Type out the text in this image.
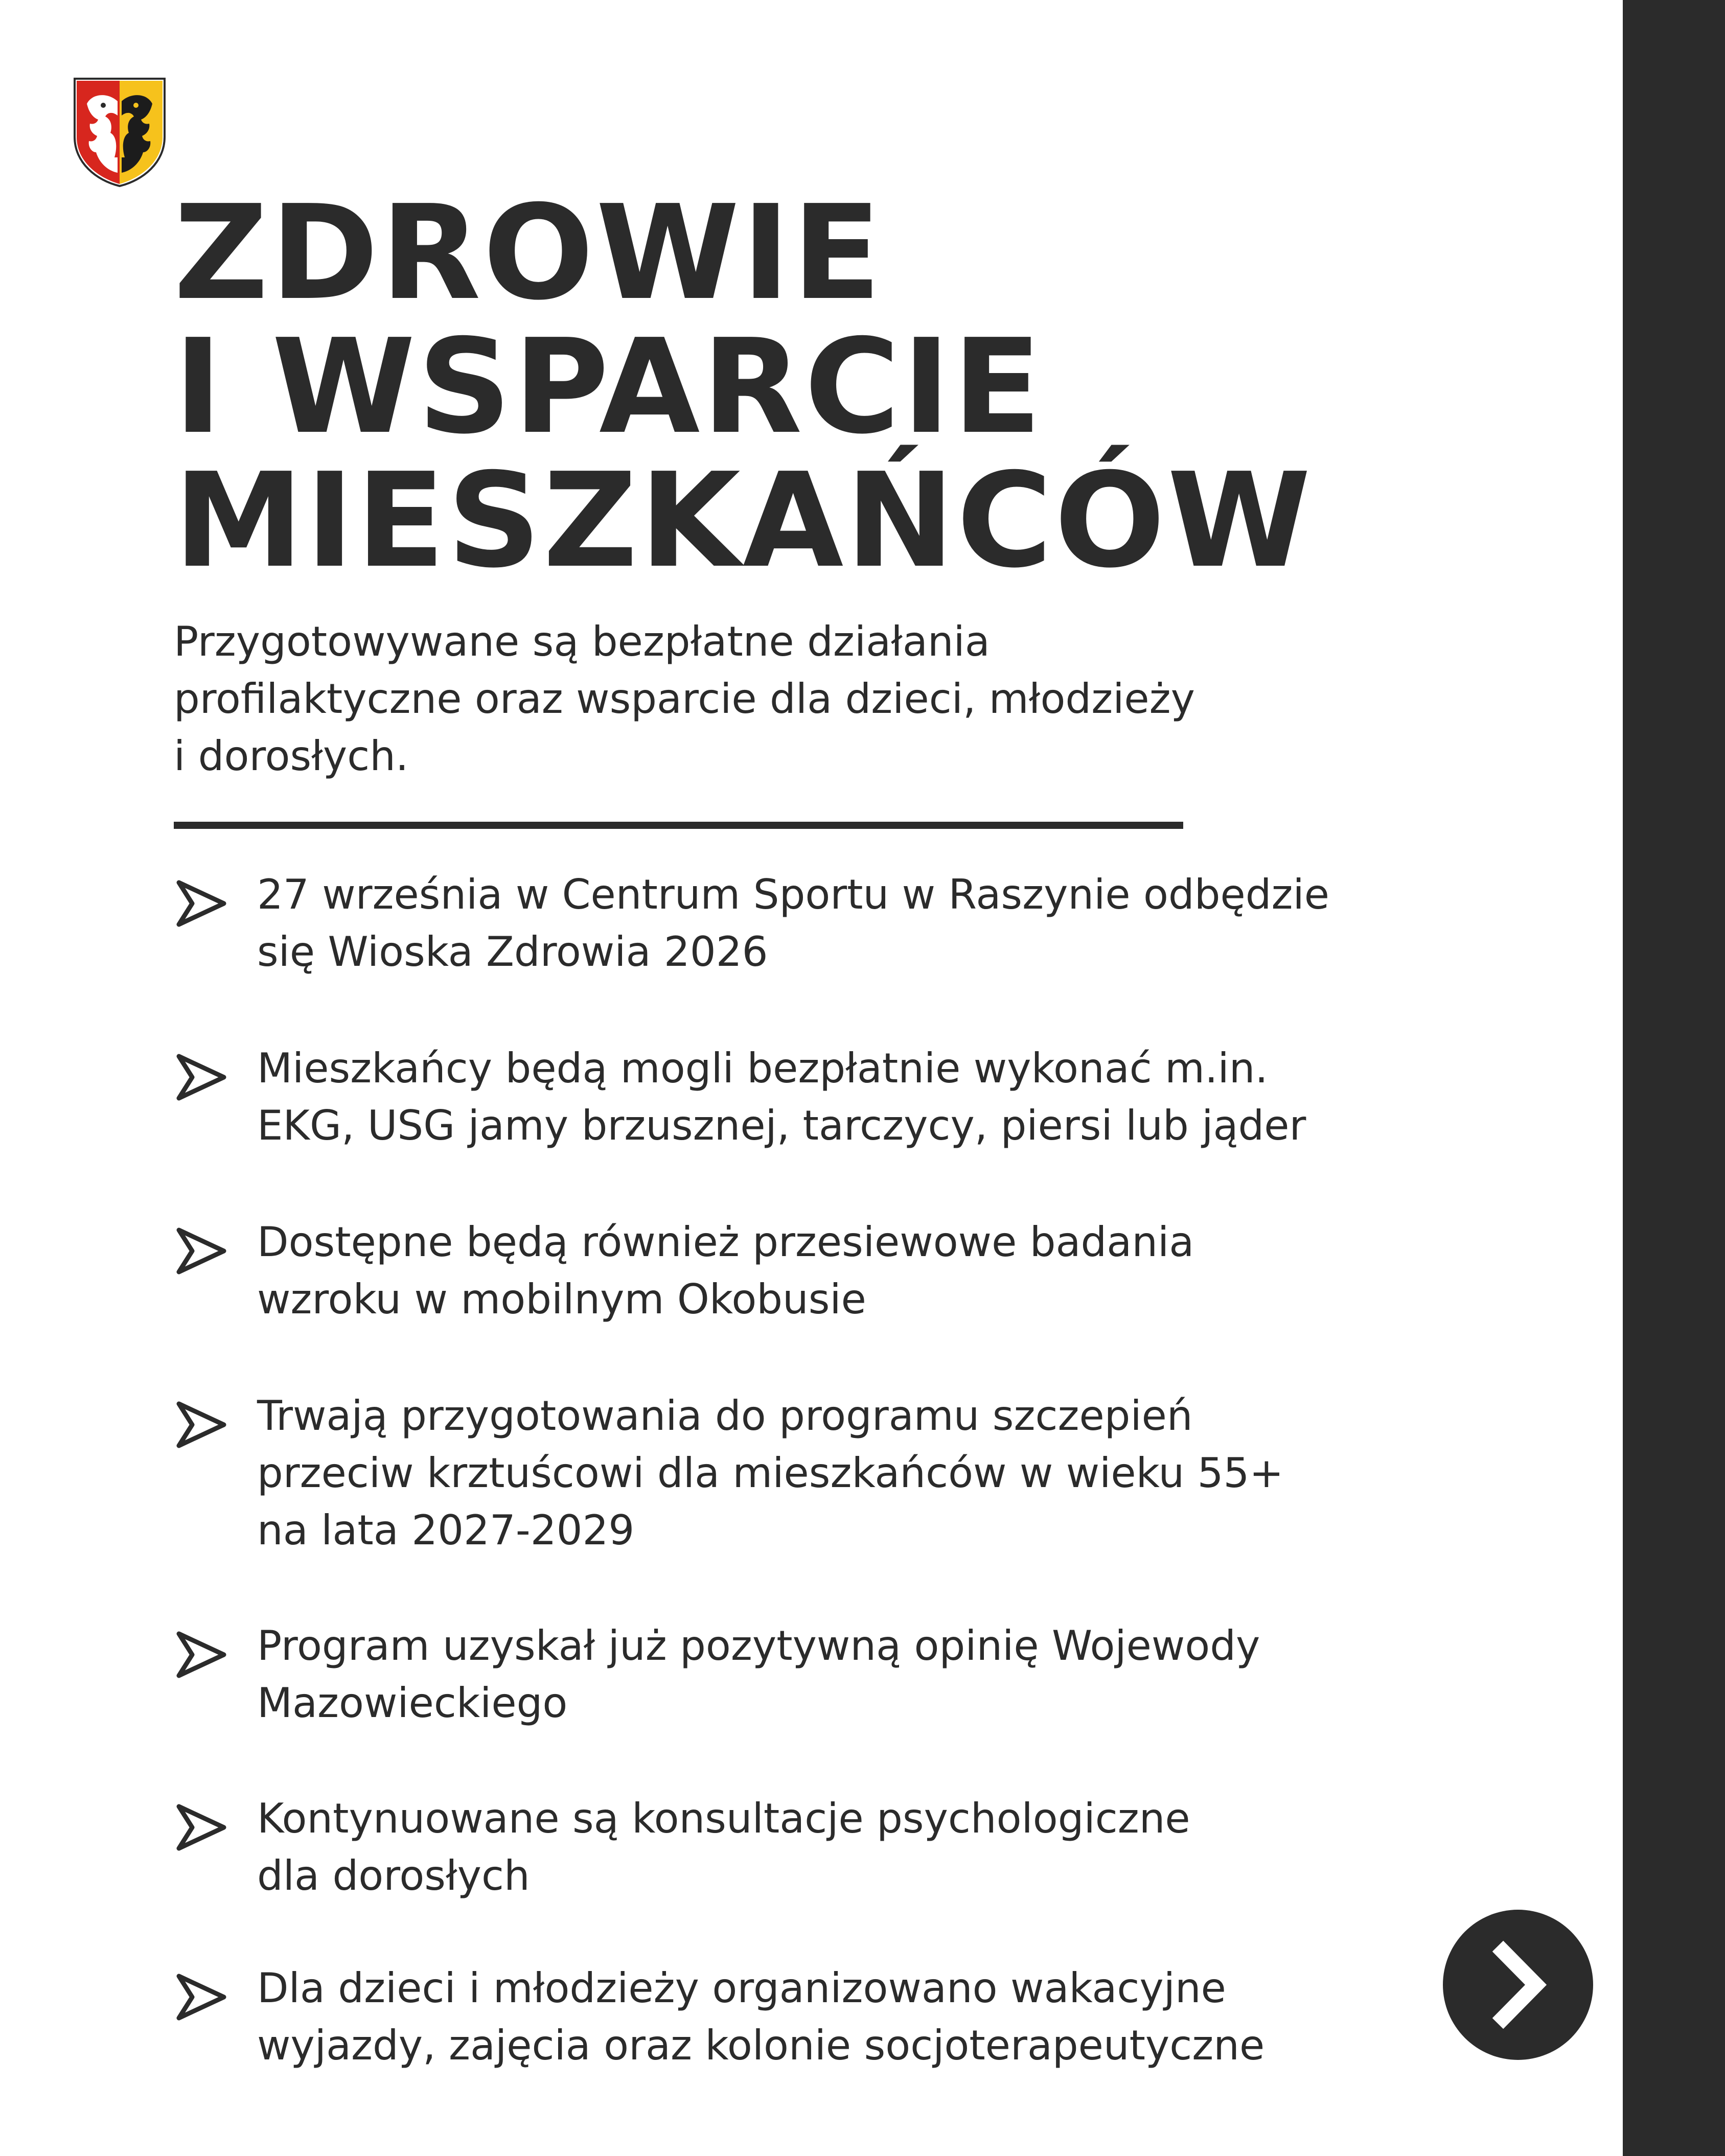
ZDROWIE
I WSPARCIE
MIESZKAŃCÓW

Przygotowywane są bezpłatne działania
profilaktyczne oraz wsparcie dla dzieci, młodzieży
i dorosłych.

27 września w Centrum Sportu w Raszynie odbędzie
się Wioska Zdrowia 2026
Mieszkańcy będą mogli bezpłatnie wykonać m.in.
EKG, USG jamy brzusznej, tarczycy, piersi lub jąder
Dostępne będą również przesiewowe badania
wzroku w mobilnym Okobusie
Trwają przygotowania do programu szczepień
przeciw krztuścowi dla mieszkańców w wieku 55+
na lata 2027-2029
Program uzyskał już pozytywną opinię Wojewody
Mazowieckiego
Kontynuowane są konsultacje psychologiczne
dla dorosłych
Dla dzieci i młodzieży organizowano wakacyjne
wyjazdy, zajęcia oraz kolonie socjoterapeutyczne
